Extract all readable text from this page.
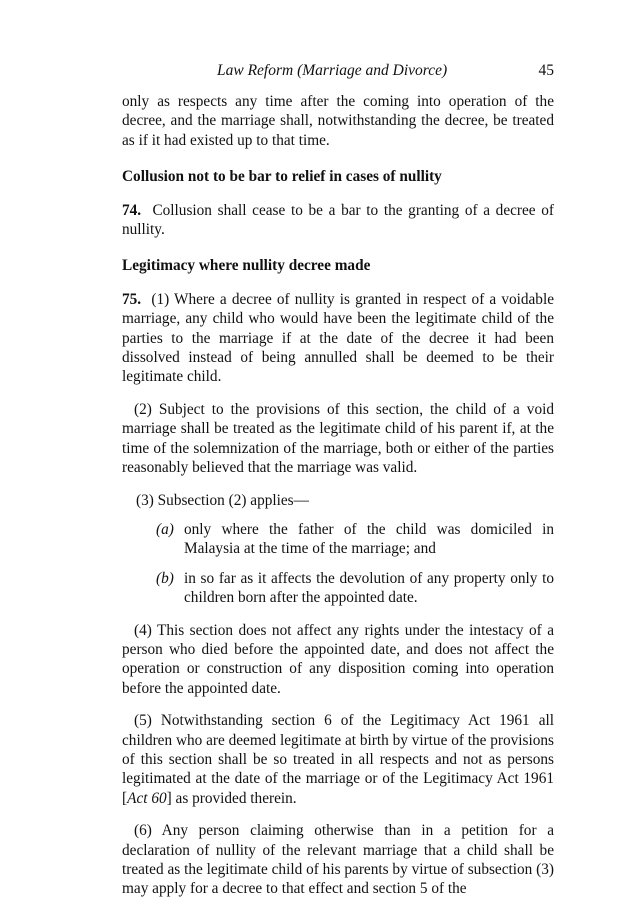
Law Reform (Marriage and Divorce)	45

only as respects any time after the coming into operation of the decree, and the marriage shall, notwithstanding the decree, be treated as if it had existed up to that time.

Collusion not to be bar to relief in cases of nullity

74. Collusion shall cease to be a bar to the granting of a decree of nullity.

Legitimacy where nullity decree made

75. (1) Where a decree of nullity is granted in respect of a voidable marriage, any child who would have been the legitimate child of the parties to the marriage if at the date of the decree it had been dissolved instead of being annulled shall be deemed to be their legitimate child.

(2) Subject to the provisions of this section, the child of a void marriage shall be treated as the legitimate child of his parent if, at the time of the solemnization of the marriage, both or either of the parties reasonably believed that the marriage was valid.

(3) Subsection (2) applies—

(a) only where the father of the child was domiciled in Malaysia at the time of the marriage; and
(b) in so far as it affects the devolution of any property only to children born after the appointed date.

(4) This section does not affect any rights under the intestacy of a person who died before the appointed date, and does not affect the operation or construction of any disposition coming into operation before the appointed date.

(5) Notwithstanding section 6 of the Legitimacy Act 1961 all children who are deemed legitimate at birth by virtue of the provisions of this section shall be so treated in all respects and not as persons legitimated at the date of the marriage or of the Legitimacy Act 1961 [Act 60] as provided therein.

(6) Any person claiming otherwise than in a petition for a declaration of nullity of the relevant marriage that a child shall be treated as the legitimate child of his parents by virtue of subsection (3) may apply for a decree to that effect and section 5 of the
